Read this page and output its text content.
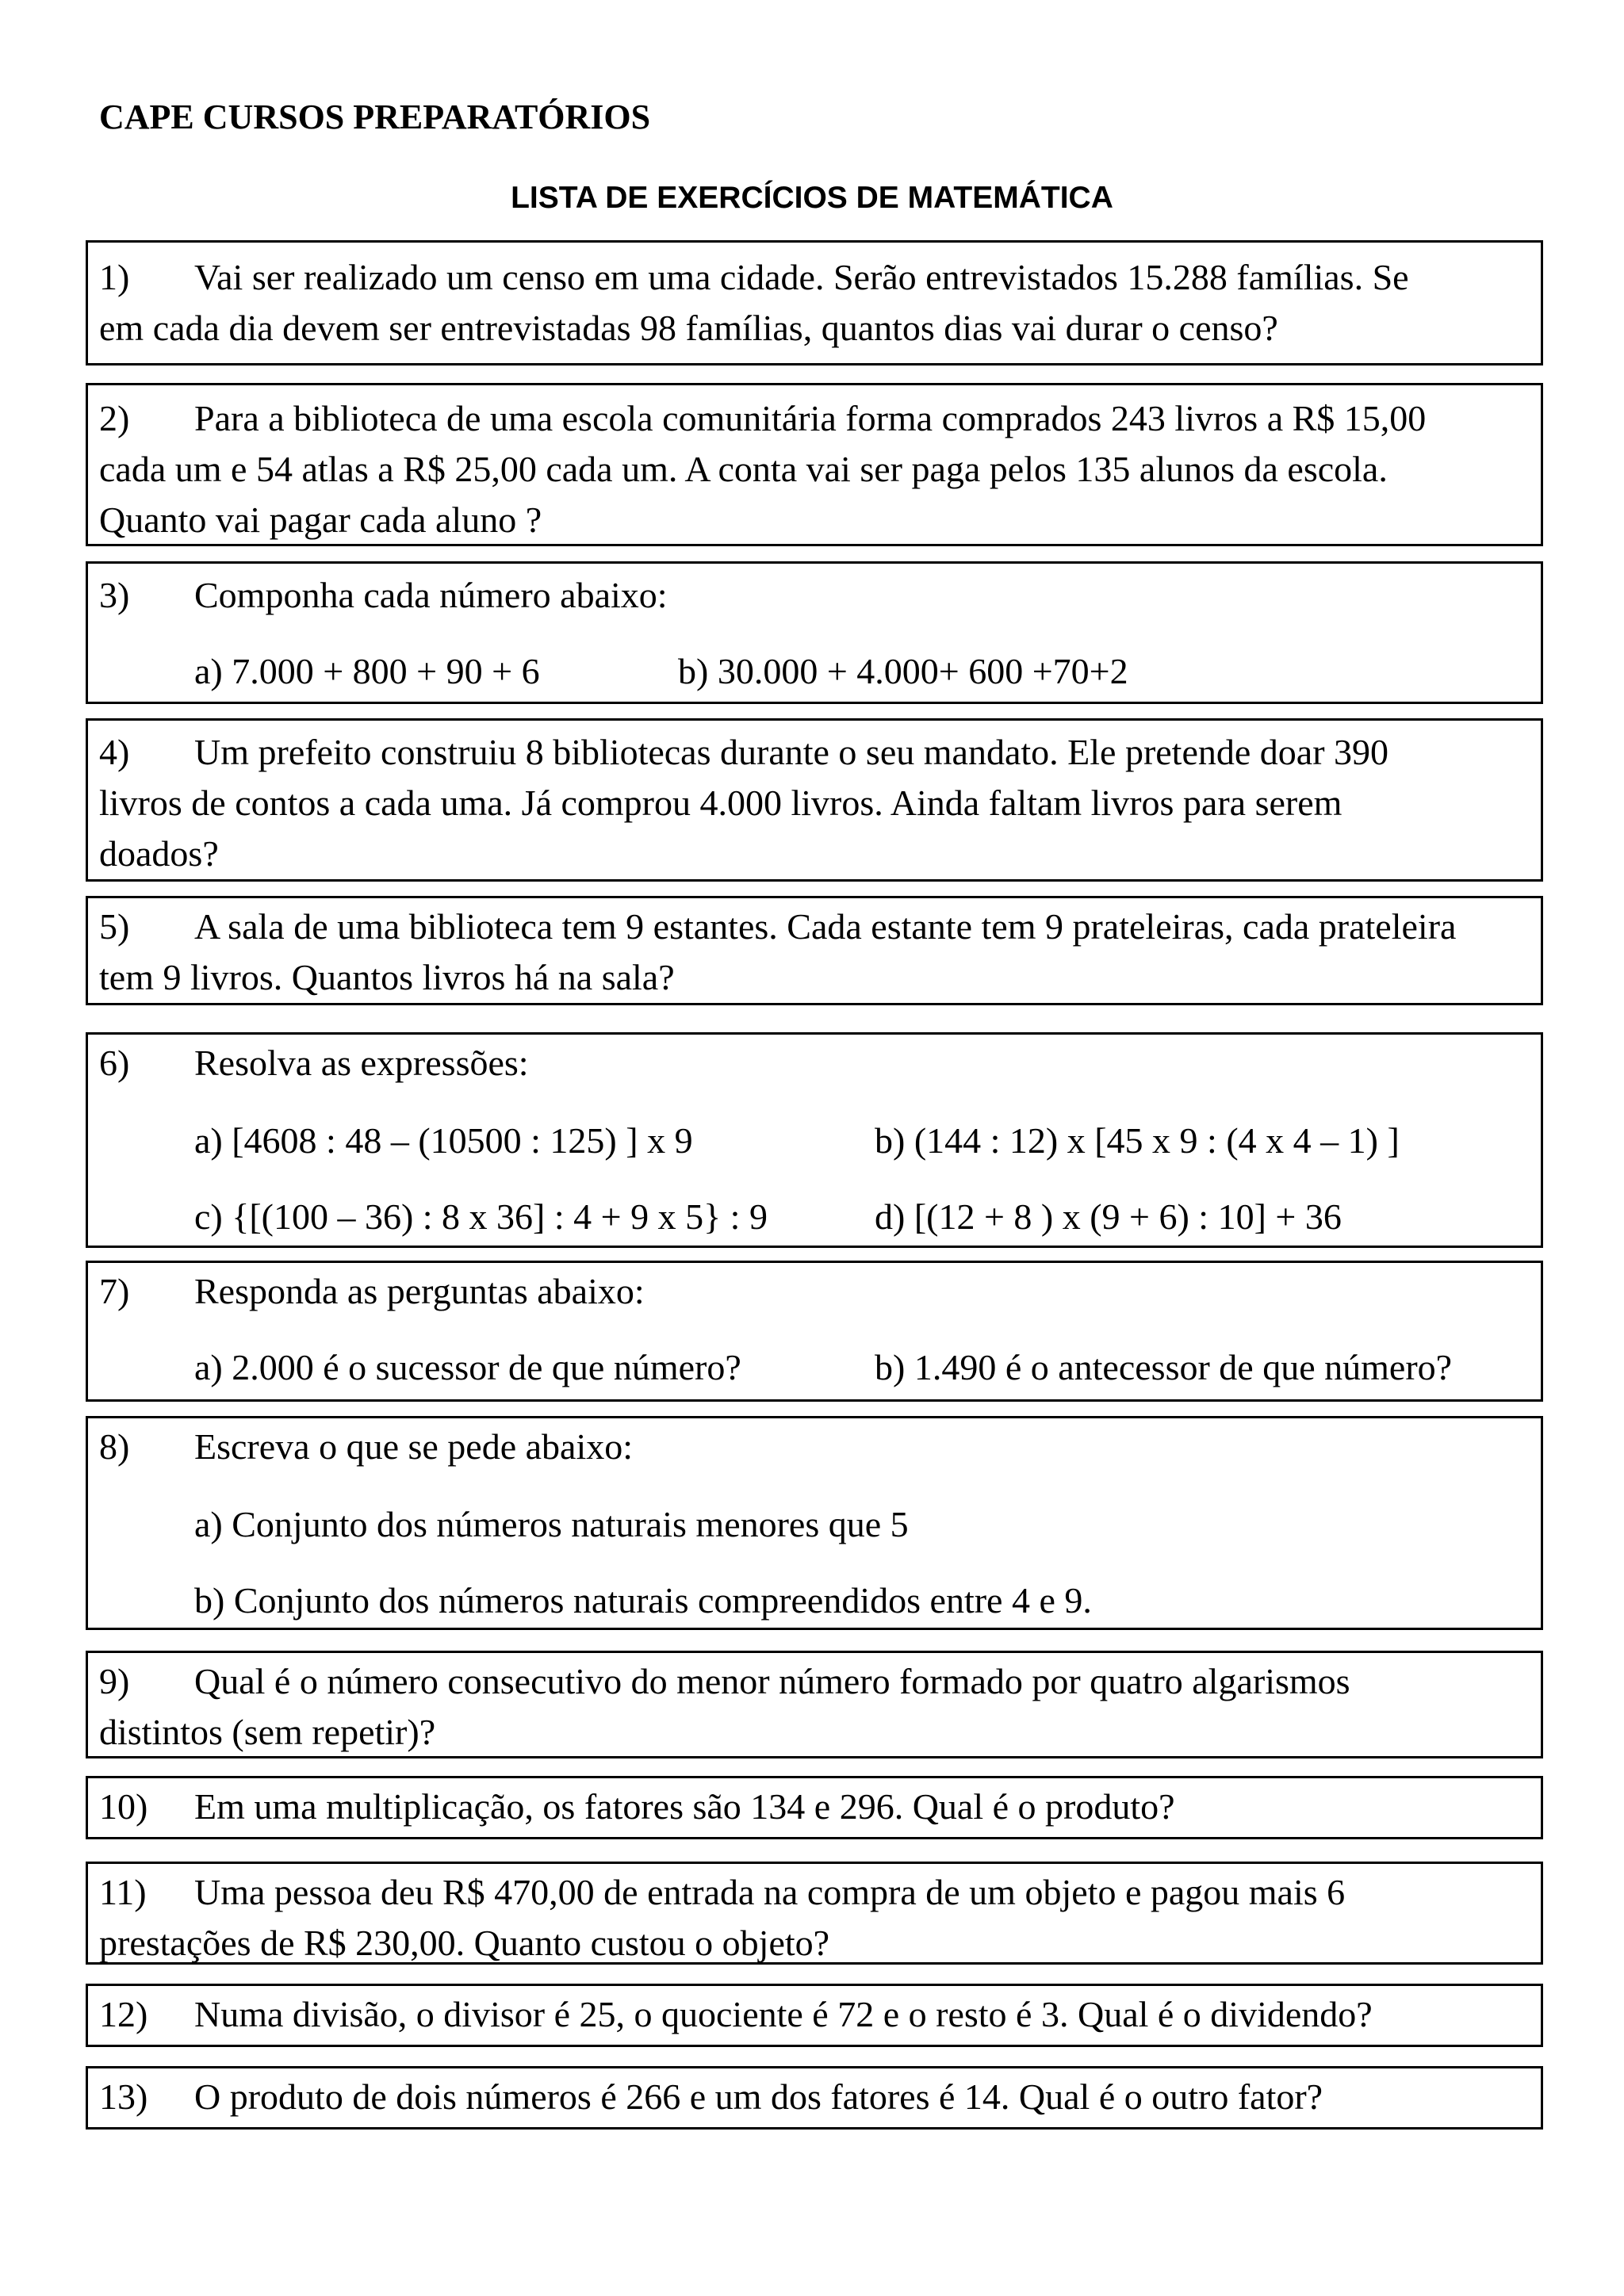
CAPE CURSOS PREPARATÓRIOS
LISTA DE EXERCÍCIOS DE MATEMÁTICA

1) Vai ser realizado um censo em uma cidade. Serão entrevistados 15.288 famílias. Se

em cada dia devem ser entrevistadas 98 famílias, quantos dias vai durar o censo?

2) Para a biblioteca de uma escola comunitária forma comprados 243 livros a R$ 15,00

cada um e 54 atlas a R$ 25,00 cada um. A conta vai ser paga pelos 135 alunos da escola.

Quanto vai pagar cada aluno ?

3) Componha cada número abaixo:

a) 7.000 + 800 + 90 + 6	b) 30.000 + 4.000+ 600 +70+2

4) Um prefeito construiu 8 bibliotecas durante o seu mandato. Ele pretende doar 390

livros de contos a cada uma. Já comprou 4.000 livros. Ainda faltam livros para serem

doados?

5) A sala de uma biblioteca tem 9 estantes. Cada estante tem 9 prateleiras, cada prateleira

tem 9 livros. Quantos livros há na sala?

6) Resolva as expressões:

a) [4608 : 48 – (10500 : 125) ] x 9	b) (144 : 12) x [45 x 9 : (4 x 4 – 1) ]

c) {[(100 – 36) : 8 x 36] : 4 + 9 x 5} : 9	d) [(12 + 8 ) x (9 + 6) : 10] + 36

7) Responda as perguntas abaixo:

a) 2.000 é o sucessor de que número?	b) 1.490 é o antecessor de que número?

8) Escreva o que se pede abaixo:

a) Conjunto dos números naturais menores que 5

b) Conjunto dos números naturais compreendidos entre 4 e 9.

9) Qual é o número consecutivo do menor número formado por quatro algarismos

distintos (sem repetir)?

10) Em uma multiplicação, os fatores são 134 e 296. Qual é o produto?

11) Uma pessoa deu R$ 470,00 de entrada na compra de um objeto e pagou mais 6

prestações de R$ 230,00. Quanto custou o objeto?

12) Numa divisão, o divisor é 25, o quociente é 72 e o resto é 3. Qual é o dividendo?

13) O produto de dois números é 266 e um dos fatores é 14. Qual é o outro fator?
